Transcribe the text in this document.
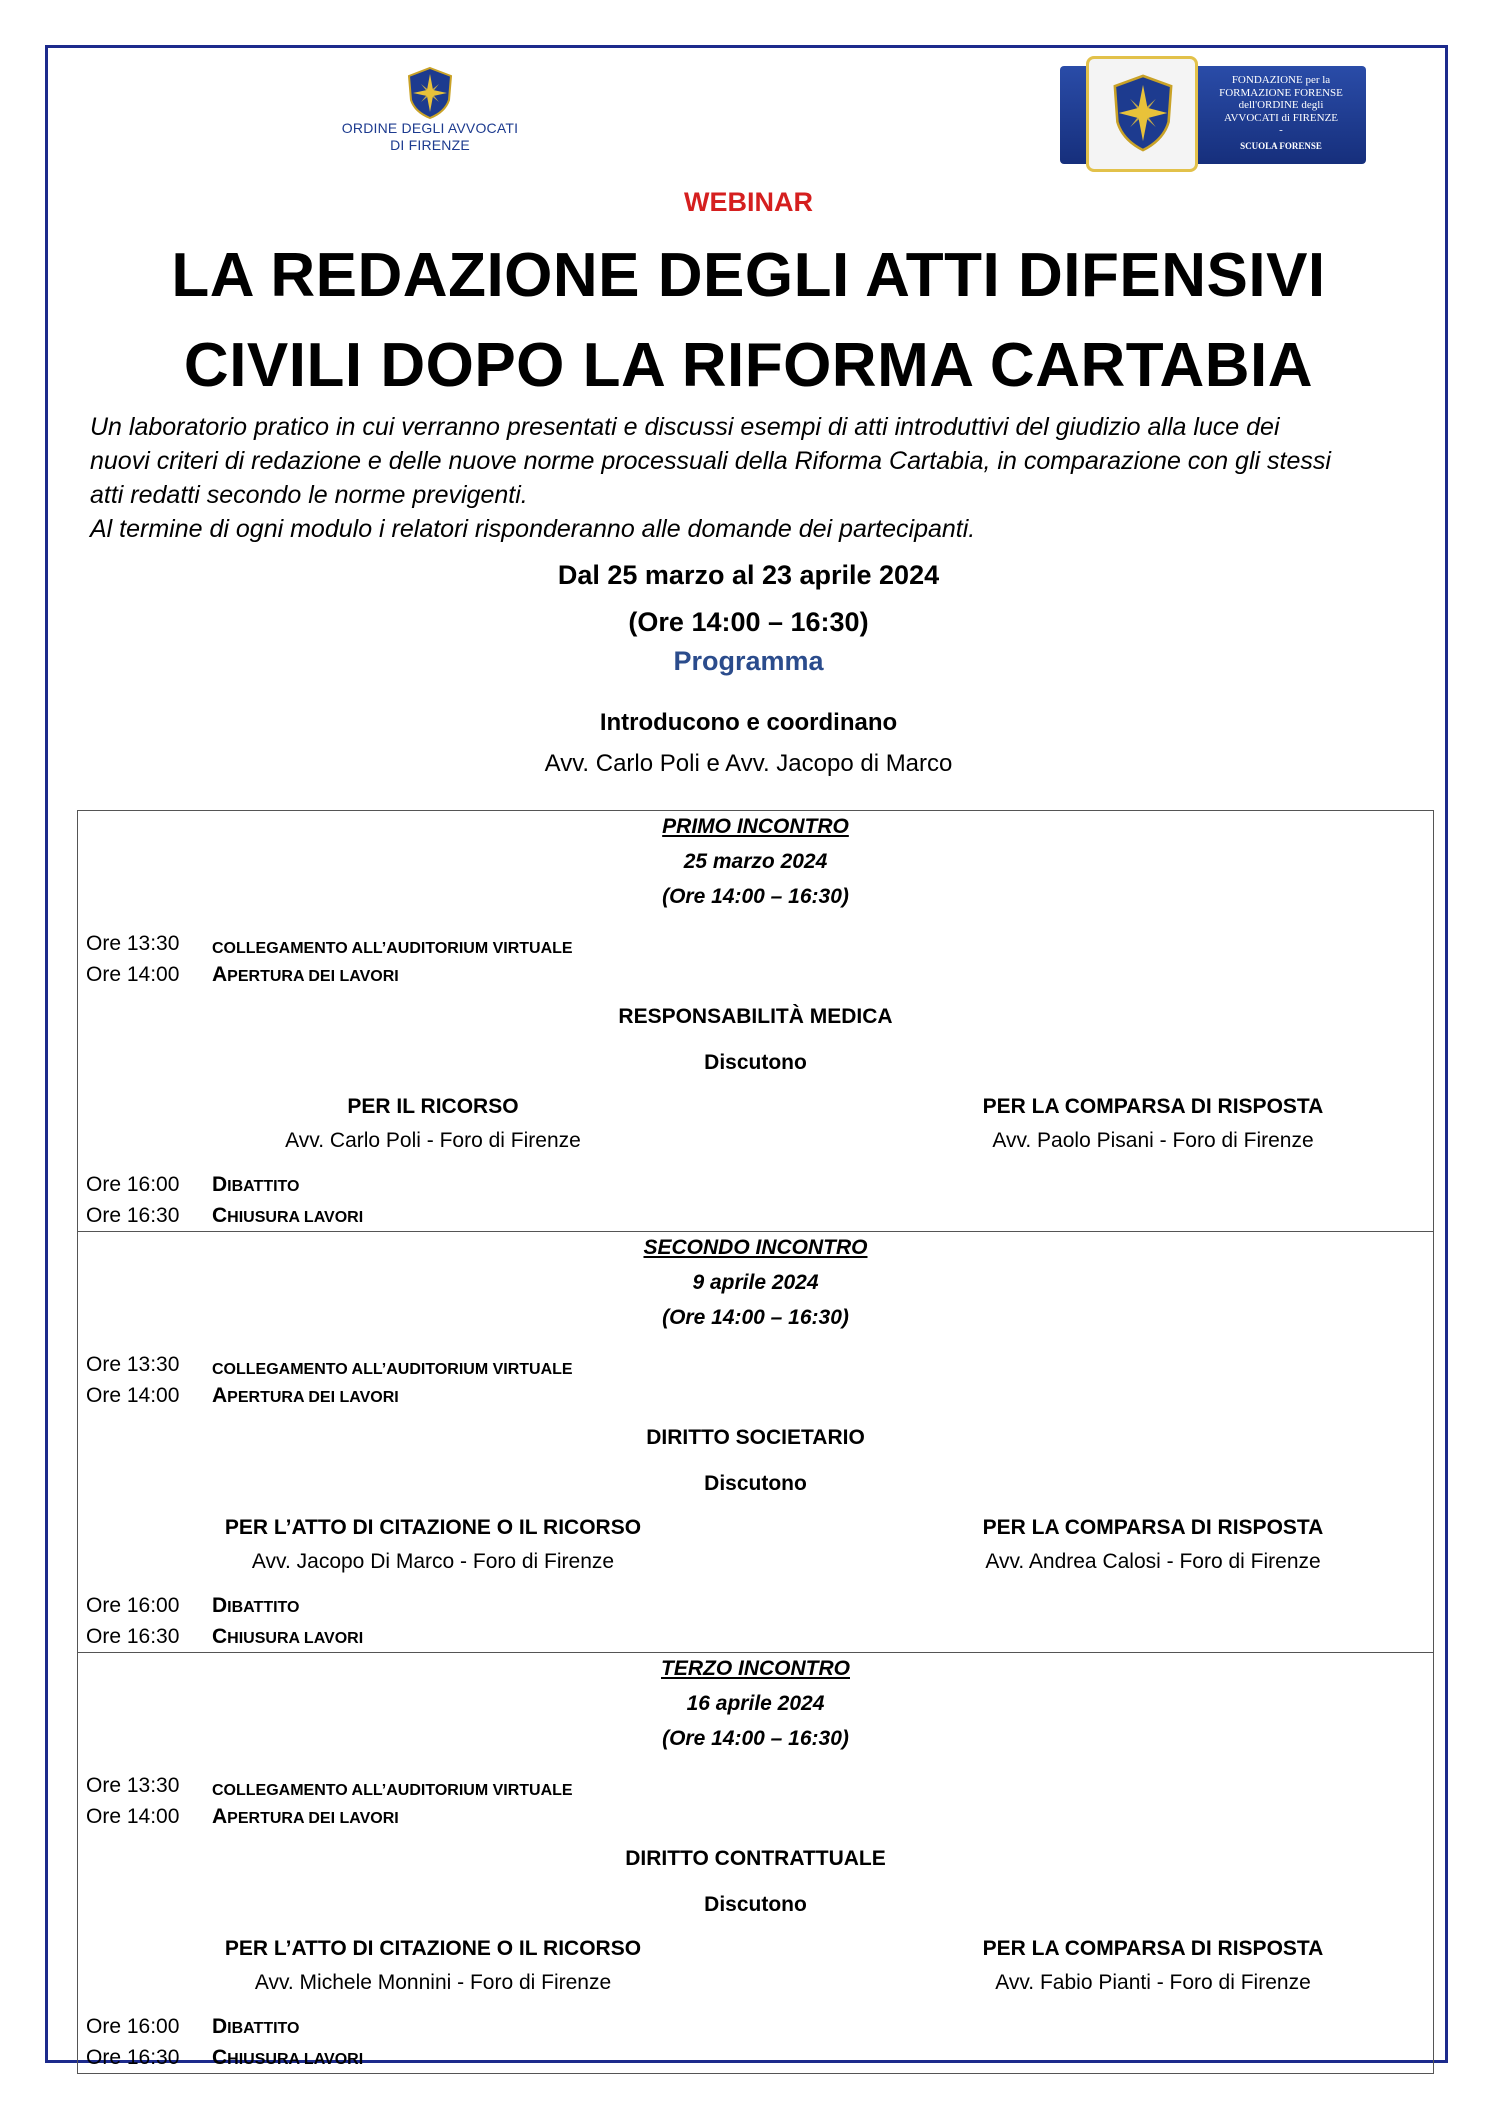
ORDINE DEGLI AVVOCATI
DI FIRENZE
FONDAZIONE per la
FORMAZIONE FORENSE
dell'ORDINE degli
AVVOCATI di FIRENZE
-
SCUOLA FORENSE
WEBINAR
LA REDAZIONE DEGLI ATTI DIFENSIVI
CIVILI DOPO LA RIFORMA CARTABIA

Un laboratorio pratico in cui verranno presentati e discussi esempi di atti introduttivi del giudizio alla luce dei

nuovi criteri di redazione e delle nuove norme processuali della Riforma Cartabia, in comparazione con gli stessi

atti redatti secondo le norme previgenti.

Al termine di ogni modulo i relatori risponderanno alle domande dei partecipanti.

Dal 25 marzo al 23 aprile 2024
(Ore 14:00 – 16:30)
Programma
Introducono e coordinano
Avv. Carlo Poli e Avv. Jacopo di Marco
PRIMO INCONTRO
25 marzo 2024
(Ore 14:00 – 16:30)
Ore 13:30 COLLEGAMENTO ALL’AUDITORIUM VIRTUALE
Ore 14:00 APERTURA DEI LAVORI
RESPONSABILITÀ MEDICA
Discutono
PER IL RICORSO
Avv. Carlo Poli - Foro di Firenze
PER LA COMPARSA DI RISPOSTA
Avv. Paolo Pisani - Foro di Firenze
Ore 16:00 DIBATTITO
Ore 16:30 CHIUSURA LAVORI
SECONDO INCONTRO
9 aprile 2024
(Ore 14:00 – 16:30)
Ore 13:30 COLLEGAMENTO ALL’AUDITORIUM VIRTUALE
Ore 14:00 APERTURA DEI LAVORI
DIRITTO SOCIETARIO
Discutono
PER L’ATTO DI CITAZIONE O IL RICORSO
Avv. Jacopo Di Marco - Foro di Firenze
PER LA COMPARSA DI RISPOSTA
Avv. Andrea Calosi - Foro di Firenze
Ore 16:00 DIBATTITO
Ore 16:30 CHIUSURA LAVORI
TERZO INCONTRO
16 aprile 2024
(Ore 14:00 – 16:30)
Ore 13:30 COLLEGAMENTO ALL’AUDITORIUM VIRTUALE
Ore 14:00 APERTURA DEI LAVORI
DIRITTO CONTRATTUALE
Discutono
PER L’ATTO DI CITAZIONE O IL RICORSO
Avv. Michele Monnini - Foro di Firenze
PER LA COMPARSA DI RISPOSTA
Avv. Fabio Pianti - Foro di Firenze
Ore 16:00 DIBATTITO
Ore 16:30 CHIUSURA LAVORI
